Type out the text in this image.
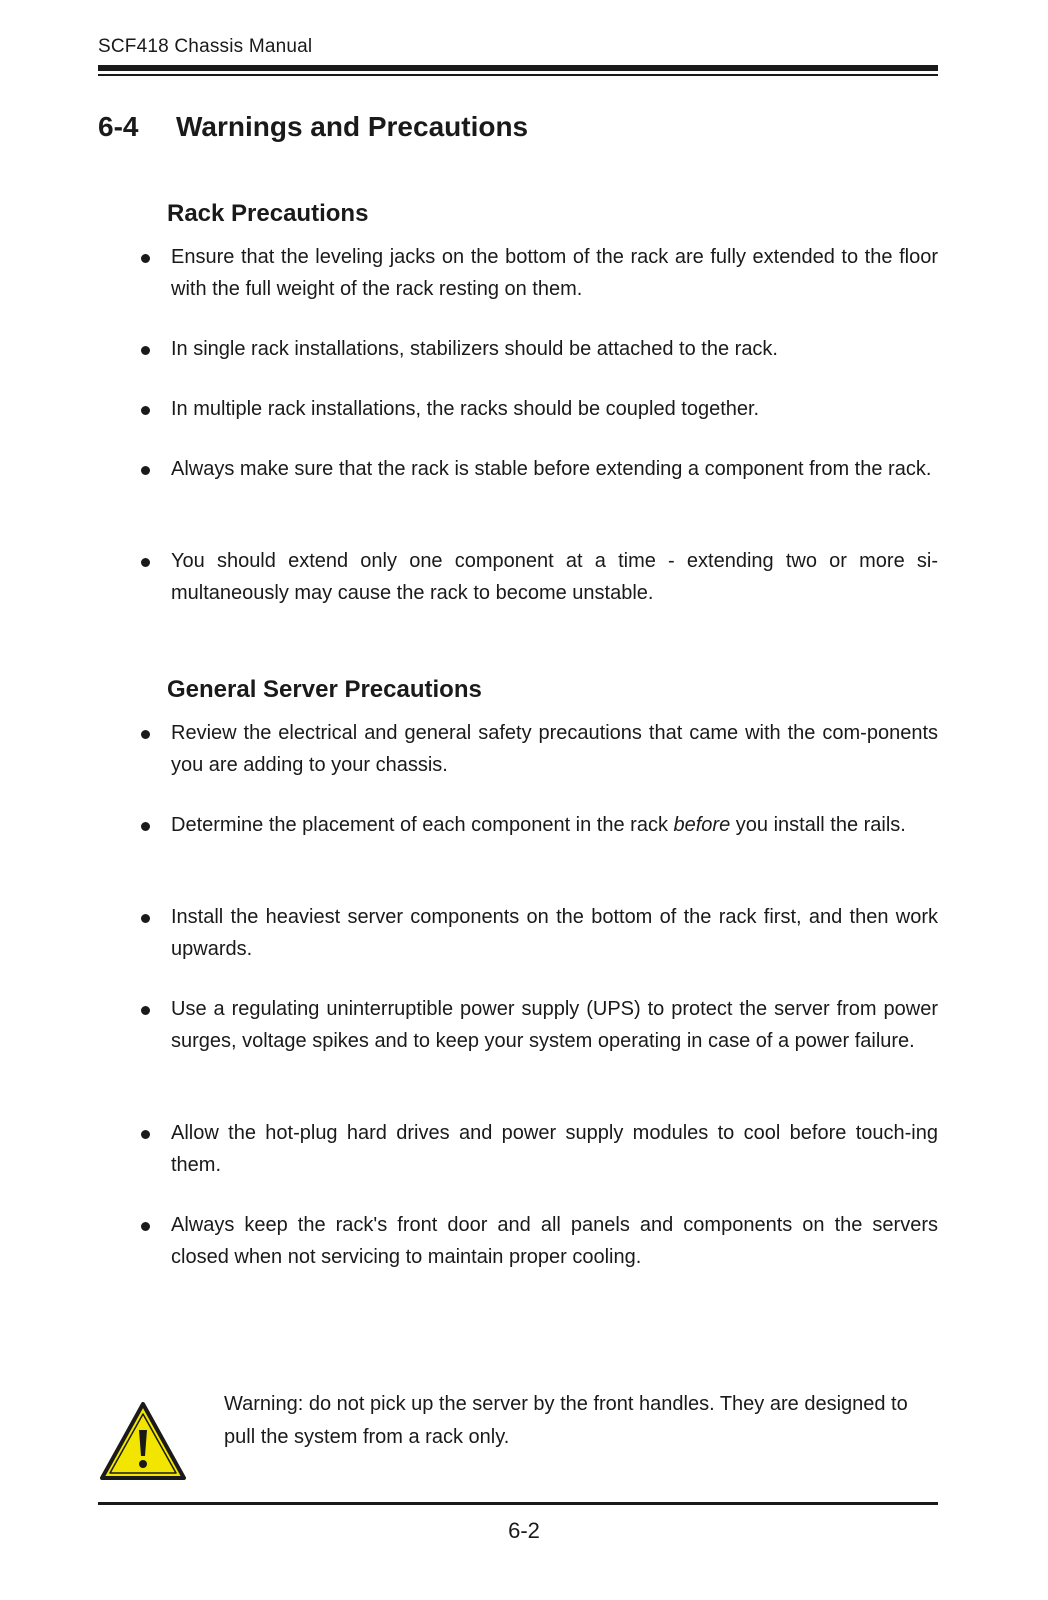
SCF418 Chassis Manual
6-4 Warnings and Precautions
Rack Precautions
Ensure that the leveling jacks on the bottom of the rack are fully extended to the floor with the full weight of the rack resting on them.
In single rack installations, stabilizers should be attached to the rack.
In multiple rack installations, the racks should be coupled together.
Always make sure that the rack is stable before extending a component from the rack.
You should extend only one component at a time - extending two or more si-multaneously may cause the rack to become unstable.
General Server Precautions
Review the electrical and general safety precautions that came with the com-ponents you are adding to your chassis.
Determine the placement of each component in the rack before you install the rails.
Install the heaviest server components on the bottom of the rack first, and then work upwards.
Use a regulating uninterruptible power supply (UPS) to protect the server from power surges, voltage spikes and to keep your system operating in case of a power failure.
Allow the hot-plug hard drives and power supply modules to cool before touch-ing them.
Always keep the rack's front door and all panels and components on the servers closed when not servicing to maintain proper cooling.
Warning: do not pick up the server by the front handles. They are designed to pull the system from a rack only.
6-2
